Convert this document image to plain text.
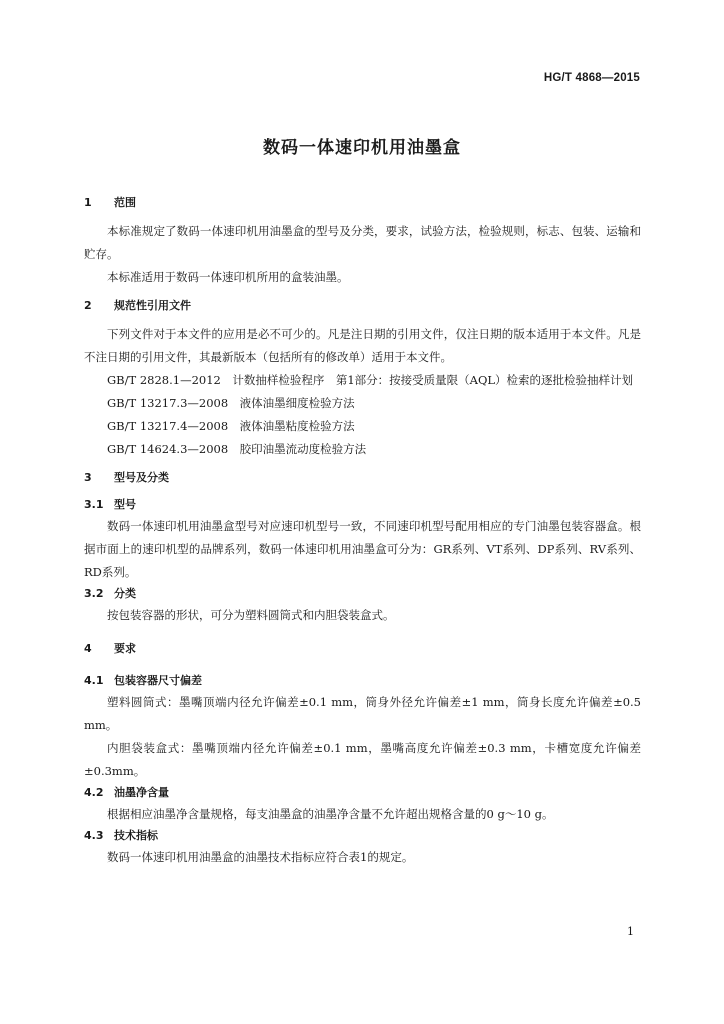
HG/T 4868—2015
数码一体速印机用油墨盒
1 范围

本标准规定了数码一体速印机用油墨盒的型号及分类，要求，试验方法，检验规则，标志、包装、运输和贮存。

本标准适用于数码一体速印机所用的盒装油墨。

2 规范性引用文件

下列文件对于本文件的应用是必不可少的。凡是注日期的引用文件，仅注日期的版本适用于本文件。凡是不注日期的引用文件，其最新版本（包括所有的修改单）适用于本文件。

GB/T 2828.1—2012　计数抽样检验程序　第1部分：按接受质量限（AQL）检索的逐批检验抽样计划

GB/T 13217.3—2008　液体油墨细度检验方法

GB/T 13217.4—2008　液体油墨粘度检验方法

GB/T 14624.3—2008　胶印油墨流动度检验方法

3 型号及分类
3.1 型号

数码一体速印机用油墨盒型号对应速印机型号一致，不同速印机型号配用相应的专门油墨包装容器盒。根据市面上的速印机型的品牌系列，数码一体速印机用油墨盒可分为：GR系列、VT系列、DP系列、RV系列、RD系列。

3.2 分类

按包装容器的形状，可分为塑料圆筒式和内胆袋装盒式。

4 要求
4.1 包装容器尺寸偏差

塑料圆筒式：墨嘴顶端内径允许偏差±0.1 mm，筒身外径允许偏差±1 mm，筒身长度允许偏差±0.5 mm。

内胆袋装盒式：墨嘴顶端内径允许偏差±0.1 mm，墨嘴高度允许偏差±0.3 mm，卡槽宽度允许偏差±0.3mm。

4.2 油墨净含量

根据相应油墨净含量规格，每支油墨盒的油墨净含量不允许超出规格含量的0 g～10 g。

4.3 技术指标

数码一体速印机用油墨盒的油墨技术指标应符合表1的规定。

1
